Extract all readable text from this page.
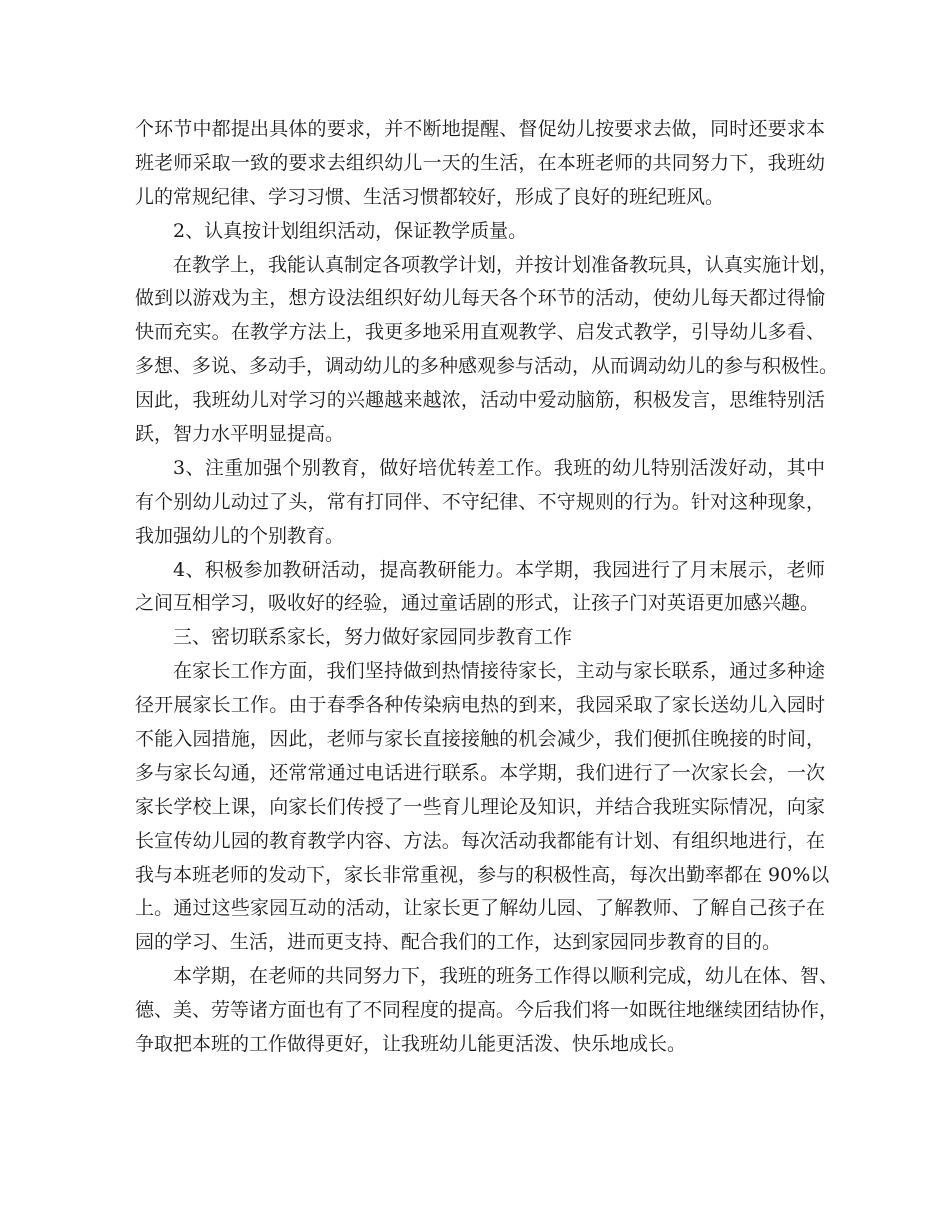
个环节中都提出具体的要求，并不断地提醒、督促幼儿按要求去做，同时还要求本
班老师采取一致的要求去组织幼儿一天的生活，在本班老师的共同努力下，我班幼
儿的常规纪律、学习习惯、生活习惯都较好，形成了良好的班纪班风。
2、认真按计划组织活动，保证教学质量。
在教学上，我能认真制定各项教学计划，并按计划准备教玩具，认真实施计划，
做到以游戏为主，想方设法组织好幼儿每天各个环节的活动，使幼儿每天都过得愉
快而充实。在教学方法上，我更多地采用直观教学、启发式教学，引导幼儿多看、
多想、多说、多动手，调动幼儿的多种感观参与活动，从而调动幼儿的参与积极性。
因此，我班幼儿对学习的兴趣越来越浓，活动中爱动脑筋，积极发言，思维特别活
跃，智力水平明显提高。
3、注重加强个别教育，做好培优转差工作。我班的幼儿特别活泼好动，其中
有个别幼儿动过了头，常有打同伴、不守纪律、不守规则的行为。针对这种现象，
我加强幼儿的个别教育。
4、积极参加教研活动，提高教研能力。本学期，我园进行了月末展示，老师
之间互相学习，吸收好的经验，通过童话剧的形式，让孩子门对英语更加感兴趣。
三、密切联系家长，努力做好家园同步教育工作
在家长工作方面，我们坚持做到热情接待家长，主动与家长联系，通过多种途
径开展家长工作。由于春季各种传染病电热的到来，我园采取了家长送幼儿入园时
不能入园措施，因此，老师与家长直接接触的机会减少，我们便抓住晚接的时间，
多与家长勾通，还常常通过电话进行联系。本学期，我们进行了一次家长会，一次
家长学校上课，向家长们传授了一些育儿理论及知识，并结合我班实际情况，向家
长宣传幼儿园的教育教学内容、方法。每次活动我都能有计划、有组织地进行，在
我与本班老师的发动下，家长非常重视，参与的积极性高，每次出勤率都在 90%以
上。通过这些家园互动的活动，让家长更了解幼儿园、了解教师、了解自己孩子在
园的学习、生活，进而更支持、配合我们的工作，达到家园同步教育的目的。
本学期，在老师的共同努力下，我班的班务工作得以顺利完成，幼儿在体、智、
德、美、劳等诸方面也有了不同程度的提高。今后我们将一如既往地继续团结协作，
争取把本班的工作做得更好，让我班幼儿能更活泼、快乐地成长。
